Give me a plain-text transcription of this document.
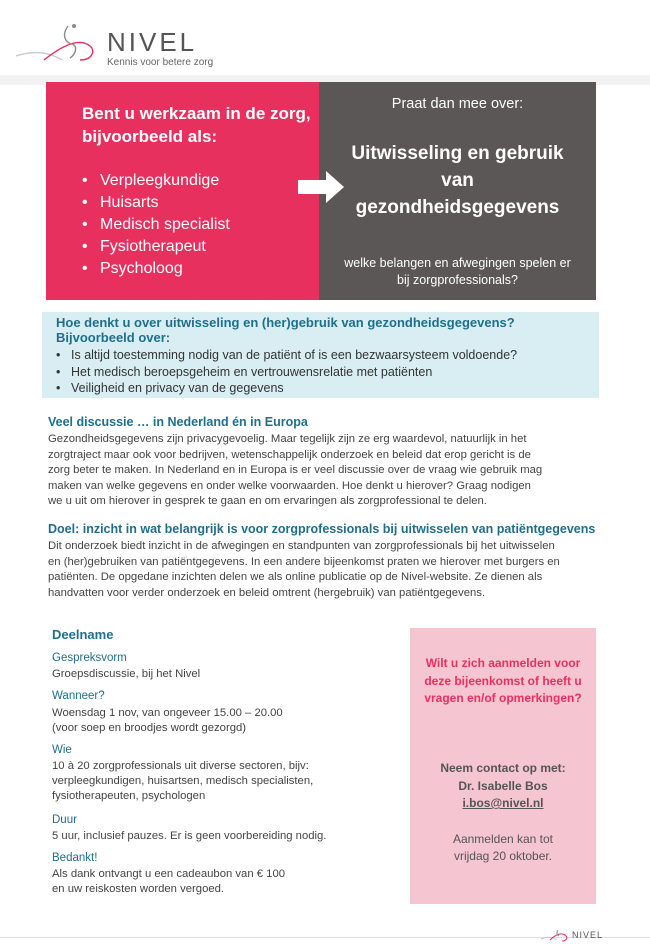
NIVEL
Kennis voor betere zorg
Bent u werkzaam in de zorg, bijvoorbeeld als:
• Verpleegkundige
• Huisarts
• Medisch specialist
• Fysiotherapeut
• Psycholoog
Praat dan mee over:
Uitwisseling en gebruik van gezondheidsgegevens
welke belangen en afwegingen spelen er bij zorgprofessionals?
Hoe denkt u over uitwisseling en (her)gebruik van gezondheidsgegevens?
Bijvoorbeeld over:
• Is altijd toestemming nodig van de patiënt of is een bezwaarsysteem voldoende?
• Het medisch beroepsgeheim en vertrouwensrelatie met patiënten
• Veiligheid en privacy van de gegevens
Veel discussie … in Nederland én in Europa
Gezondheidsgegevens zijn privacygevoelig. Maar tegelijk zijn ze erg waardevol, natuurlijk in het
zorgtraject maar ook voor bedrijven, wetenschappelijk onderzoek en beleid dat erop gericht is de
zorg beter te maken. In Nederland en in Europa is er veel discussie over de vraag wie gebruik mag
maken van welke gegevens en onder welke voorwaarden. Hoe denkt u hierover? Graag nodigen
we u uit om hierover in gesprek te gaan en om ervaringen als zorgprofessional te delen.
Doel: inzicht in wat belangrijk is voor zorgprofessionals bij uitwisselen van patiëntgegevens
Dit onderzoek biedt inzicht in de afwegingen en standpunten van zorgprofessionals bij het uitwisselen
en (her)gebruiken van patiëntgegevens. In een andere bijeenkomst praten we hierover met burgers en
patiënten. De opgedane inzichten delen we als online publicatie op de Nivel-website. Ze dienen als
handvatten voor verder onderzoek en beleid omtrent (hergebruik) van patiëntgegevens.
Deelname
Gespreksvorm
Groepsdiscussie, bij het Nivel
Wanneer?
Woensdag 1 nov, van ongeveer 15.00 – 20.00
(voor soep en broodjes wordt gezorgd)
Wie
10 à 20 zorgprofessionals uit diverse sectoren, bijv:
verpleegkundigen, huisartsen, medisch specialisten,
fysiotherapeuten, psychologen
Duur
5 uur, inclusief pauzes. Er is geen voorbereiding nodig.
Bedankt!
Als dank ontvangt u een cadeaubon van € 100
en uw reiskosten worden vergoed.
Wilt u zich aanmelden voor deze bijeenkomst of heeft u vragen en/of opmerkingen?
Neem contact op met:
Dr. Isabelle Bos
i.bos@nivel.nl
Aanmelden kan tot
vrijdag 20 oktober.
NIVEL
